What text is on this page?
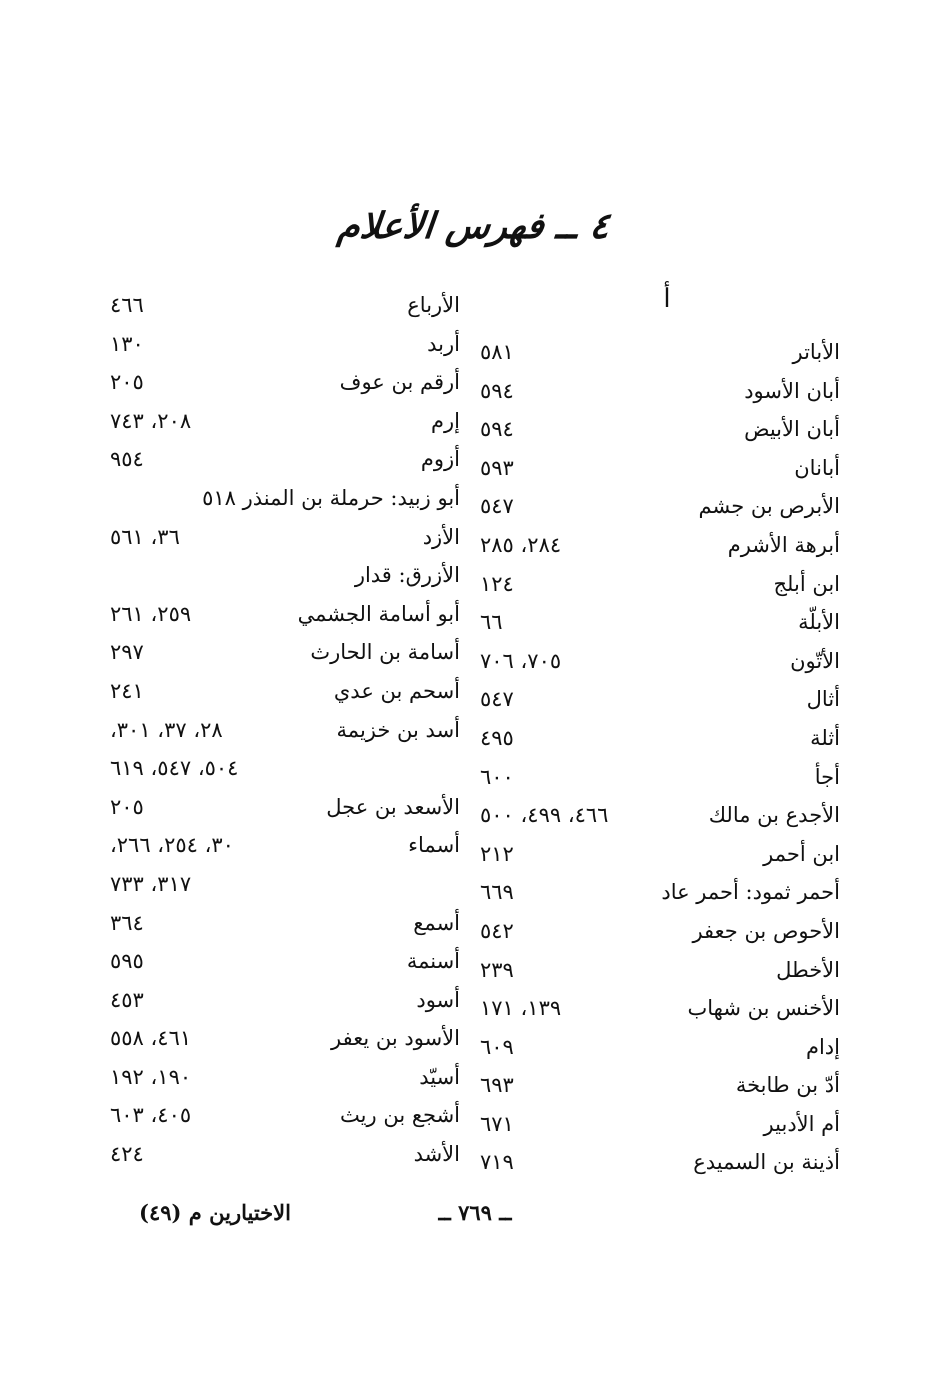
٤ ــ فهرس الأعلام
أ
الأباتر
٥٨١
أبان الأسود
٥٩٤
أبان الأبيض
٥٩٤
أبانان
٥٩٣
الأبرص بن جشم
٥٤٧
أبرهة الأشرم
٢٨٤، ٢٨٥
ابن أبلج
١٢٤
الأبلّة
٦٦
الأتّون
٧٠٥، ٧٠٦
أثال
٥٤٧
أثلة
٤٩٥
أجأ
٦٠٠
الأجدع بن مالك
٤٦٦، ٤٩٩، ٥٠٠
ابن أحمر
٢١٢
أحمر ثمود: أحمر عاد
٦٦٩
الأحوص بن جعفر
٥٤٢
الأخطل
٢٣٩
الأخنس بن شهاب
١٣٩، ١٧١
إدام
٦٠٩
أدّ بن طابخة
٦٩٣
أم الأدبير
٦٧١
أذينة بن السميدع
٧١٩
الأرباع
٤٦٦
أربد
١٣٠
أرقم بن عوف
٢٠٥
إرم
٢٠٨، ٧٤٣
أزوم
٩٥٤
أبو زبيد: حرملة بن المنذر ٥١٨
الأزد
٣٦، ٥٦١
الأزرق: قدار
أبو أسامة الجشمي
٢٥٩، ٢٦١
أسامة بن الحارث
٢٩٧
أسحم بن عدي
٢٤١
أسد بن خزيمة
٢٨، ٣٧، ٣٠١،
٥٠٤، ٥٤٧، ٦١٩
الأسعد بن عجل
٢٠٥
أسماء
٣٠، ٢٥٤، ٢٦٦،
٣١٧، ٧٣٣
أسمع
٣٦٤
أسنمة
٥٩٥
أسود
٤٥٣
الأسود بن يعفر
٤٦١، ٥٥٨
أسيّد
١٩٠، ١٩٢
أشجع بن ريث
٤٠٥، ٦٠٣
الأشد
٤٢٤
ــ ٧٦٩ ــ
الاختيارين م (٤٩)
